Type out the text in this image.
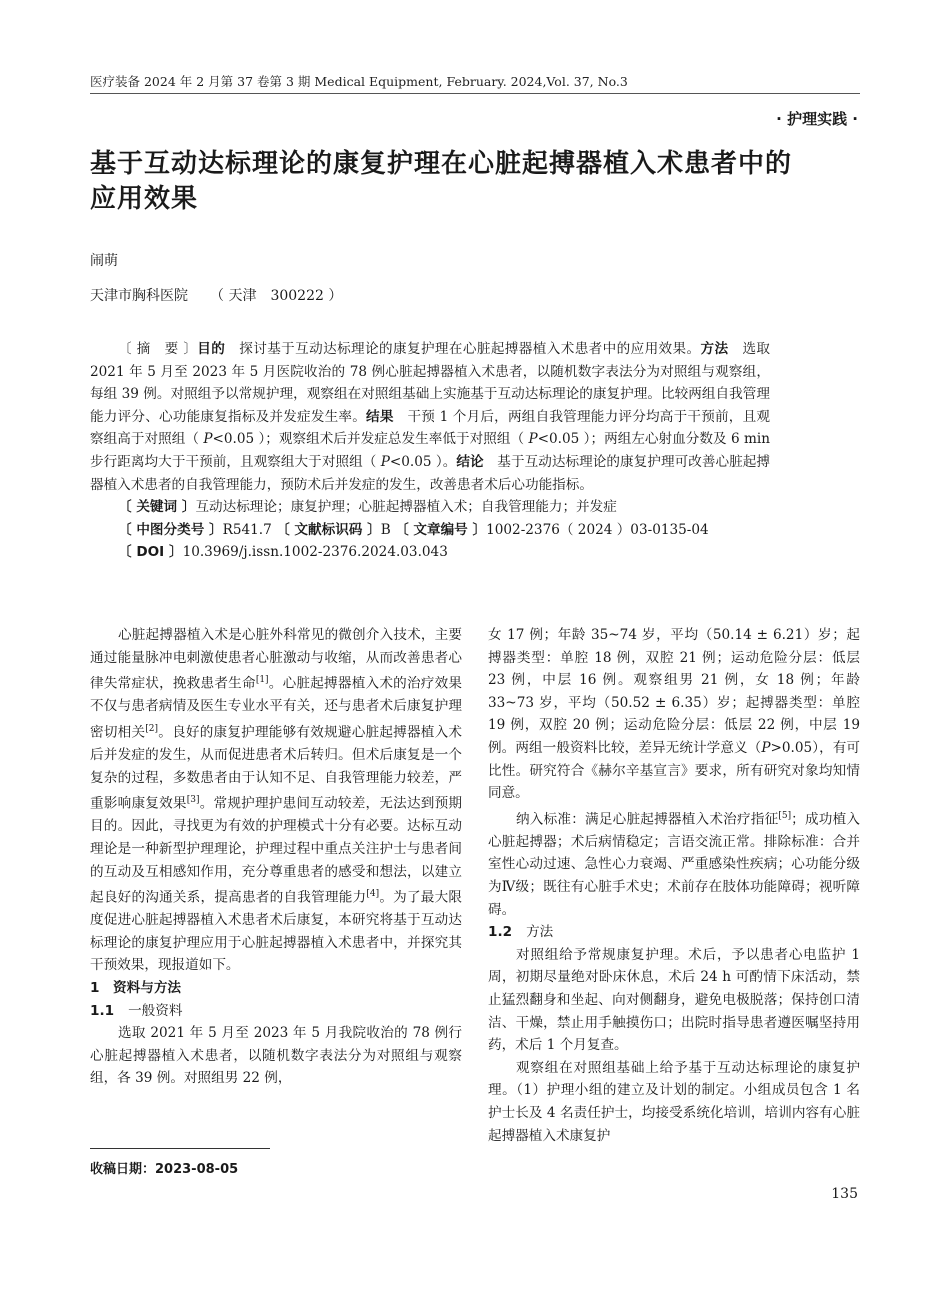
医疗装备 2024 年 2 月第 37 卷第 3 期 Medical Equipment, February. 2024,Vol. 37, No.3
· 护理实践 ·
基于互动达标理论的康复护理在心脏起搏器植入术患者中的应用效果
闹萌
天津市胸科医院 （ 天津　300222 ）

〔 摘　要 〕目的　探讨基于互动达标理论的康复护理在心脏起搏器植入术患者中的应用效果。方法　选取 2021 年 5 月至 2023 年 5 月医院收治的 78 例心脏起搏器植入术患者，以随机数字表法分为对照组与观察组，每组 39 例。对照组予以常规护理，观察组在对照组基础上实施基于互动达标理论的康复护理。比较两组自我管理能力评分、心功能康复指标及并发症发生率。结果　干预 1 个月后，两组自我管理能力评分均高于干预前，且观察组高于对照组（ P<0.05 ）；观察组术后并发症总发生率低于对照组（ P<0.05 ）；两组左心射血分数及 6 min 步行距离均大于干预前，且观察组大于对照组（ P<0.05 ）。结论　基于互动达标理论的康复护理可改善心脏起搏器植入术患者的自我管理能力，预防术后并发症的发生，改善患者术后心功能指标。

〔 关键词 〕互动达标理论；康复护理；心脏起搏器植入术；自我管理能力；并发症

〔 中图分类号 〕R541.7 〔 文献标识码 〕B 〔 文章编号 〕1002-2376（ 2024 ）03-0135-04

〔 DOI 〕10.3969/j.issn.1002-2376.2024.03.043

心脏起搏器植入术是心脏外科常见的微创介入技术，主要通过能量脉冲电刺激使患者心脏激动与收缩，从而改善患者心律失常症状，挽救患者生命[1]。心脏起搏器植入术的治疗效果不仅与患者病情及医生专业水平有关，还与患者术后康复护理密切相关[2]。良好的康复护理能够有效规避心脏起搏器植入术后并发症的发生，从而促进患者术后转归。但术后康复是一个复杂的过程，多数患者由于认知不足、自我管理能力较差，严重影响康复效果[3]。常规护理护患间互动较差，无法达到预期目的。因此，寻找更为有效的护理模式十分有必要。达标互动理论是一种新型护理理论，护理过程中重点关注护士与患者间的互动及互相感知作用，充分尊重患者的感受和想法，以建立起良好的沟通关系，提高患者的自我管理能力[4]。为了最大限度促进心脏起搏器植入术患者术后康复，本研究将基于互动达标理论的康复护理应用于心脏起搏器植入术患者中，并探究其干预效果，现报道如下。

1　资料与方法
1.1 一般资料

选取 2021 年 5 月至 2023 年 5 月我院收治的 78 例行心脏起搏器植入术患者，以随机数字表法分为对照组与观察组，各 39 例。对照组男 22 例，

收稿日期：2023-08-05

女 17 例；年龄 35~74 岁，平均（50.14 ± 6.21）岁；起搏器类型：单腔 18 例，双腔 21 例；运动危险分层：低层 23 例，中层 16 例。观察组男 21 例，女 18 例；年龄 33~73 岁，平均（50.52 ± 6.35）岁；起搏器类型：单腔 19 例，双腔 20 例；运动危险分层：低层 22 例，中层 19 例。两组一般资料比较，差异无统计学意义（P>0.05），有可比性。研究符合《赫尔辛基宣言》要求，所有研究对象均知情同意。

纳入标准：满足心脏起搏器植入术治疗指征[5]；成功植入心脏起搏器；术后病情稳定；言语交流正常。排除标准：合并室性心动过速、急性心力衰竭、严重感染性疾病；心功能分级为Ⅳ级；既往有心脏手术史；术前存在肢体功能障碍；视听障碍。

1.2 方法

对照组给予常规康复护理。术后，予以患者心电监护 1 周，初期尽量绝对卧床休息，术后 24 h 可酌情下床活动，禁止猛烈翻身和坐起、向对侧翻身，避免电极脱落；保持创口清洁、干燥，禁止用手触摸伤口；出院时指导患者遵医嘱坚持用药，术后 1 个月复查。

观察组在对照组基础上给予基于互动达标理论的康复护理。（1）护理小组的建立及计划的制定。小组成员包含 1 名护士长及 4 名责任护士，均接受系统化培训，培训内容有心脏起搏器植入术康复护

135
